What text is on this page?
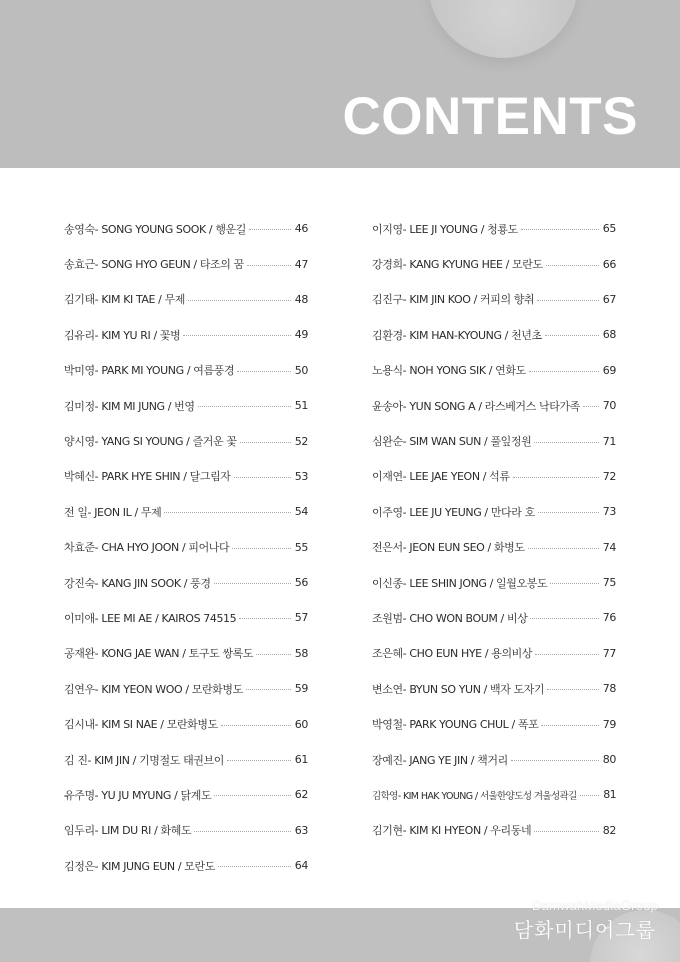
CONTENTS
송영숙- SONG YOUNG SOOK / 행운길	46
송효근- SONG HYO GEUN / 타조의 꿈	47
김기태- KIM KI TAE / 무제	48
김유리- KIM YU RI / 꽃병	49
박미영- PARK MI YOUNG / 여름풍경	50
김미정- KIM MI JUNG / 번영	51
양시영- YANG SI YOUNG / 즐거운 꽃	52
박혜신- PARK HYE SHIN / 달그림자	53
전 일- JEON IL / 무제	54
차효준- CHA HYO JOON / 피어나다	55
강진숙- KANG JIN SOOK / 풍경	56
이미애- LEE MI AE / KAIROS 74515	57
공재완- KONG JAE WAN / 토구도 쌍록도	58
김연우- KIM YEON WOO / 모란화병도	59
김시내- KIM SI NAE / 모란화병도	60
김 진- KIM JIN / 기명절도 태권브이	61
유주명- YU JU MYUNG / 닭계도	62
임두리- LIM DU RI / 화혜도	63
김정은- KIM JUNG EUN / 모란도	64
이지영- LEE JI YOUNG / 청룡도	65
강경희- KANG KYUNG HEE / 모란도	66
김진구- KIM JIN KOO / 커피의 향취	67
김환경- KIM HAN-KYOUNG / 천년초	68
노용식- NOH YONG SIK / 연화도	69
윤송아- YUN SONG A / 라스베거스 낙타가족 70
심완순- SIM WAN SUN / 풀잎정원	71
이재연- LEE JAE YEON / 석류	72
이주영- LEE JU YEUNG / 만다라 호	73
전은서- JEON EUN SEO / 화병도	74
이신종- LEE SHIN JONG / 일월오봉도	75
조원범- CHO WON BOUM / 비상	76
조은혜- CHO EUN HYE / 용의비상	77
변소연- BYUN SO YUN / 백자 도자기	78
박영철- PARK YOUNG CHUL / 폭포	79
장예진- JANG YE JIN / 책거리	80
김학영- KIM HAK YOUNG / 서울한양도성 겨울성곽길 81
김기현- KIM KI HYEON / 우리동네	82
DamwahMediaGroup
담화미디어그룹
